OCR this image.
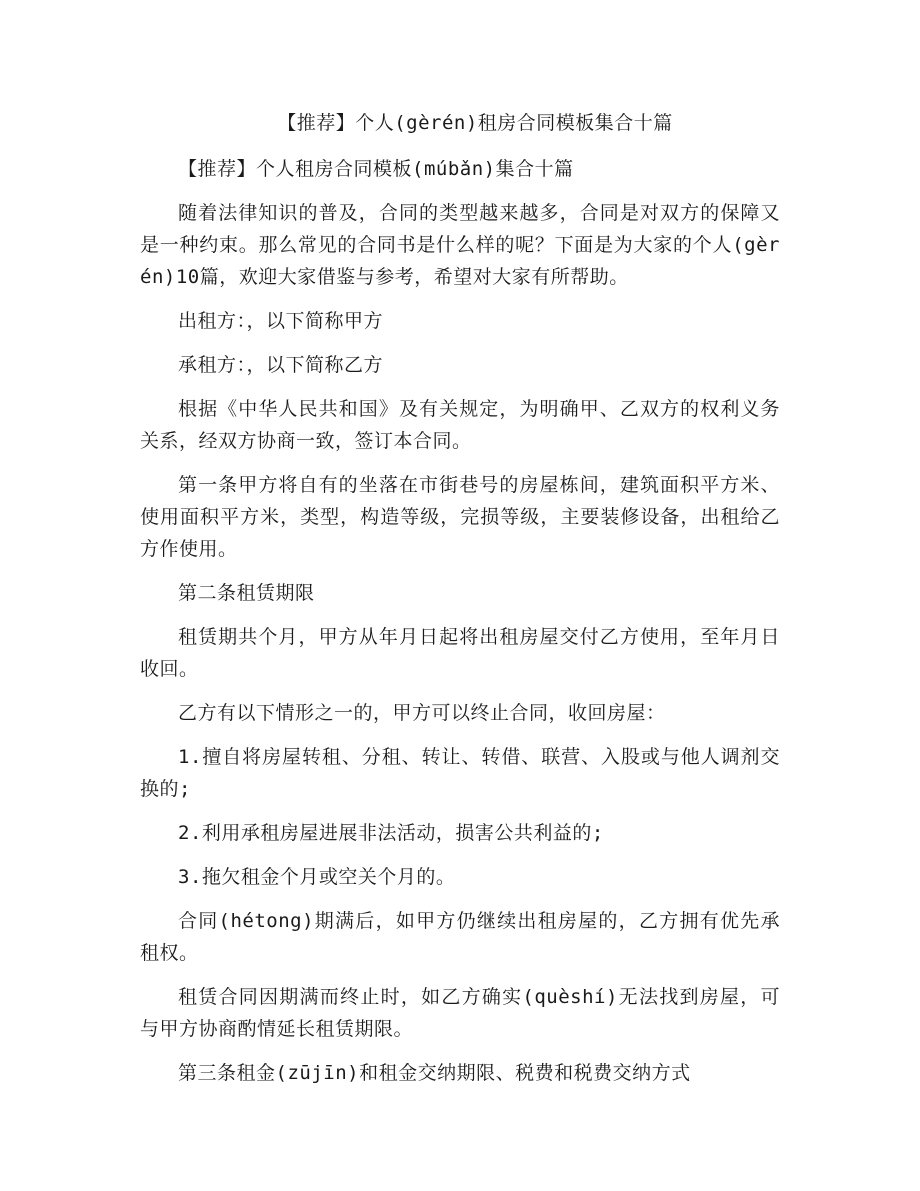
【推荐】个人(gèrén)租房合同模板集合十篇

【推荐】个人租房合同模板(múbǎn)集合十篇

随着法律知识的普及，合同的类型越来越多，合同是对双方的保障又是一种约束。那么常见的合同书是什么样的呢？下面是为大家的个人(gèrén)10篇，欢迎大家借鉴与参考，希望对大家有所帮助。

出租方：，以下简称甲方

承租方：，以下简称乙方

根据《中华人民共和国》及有关规定，为明确甲、乙双方的权利义务关系，经双方协商一致，签订本合同。

第一条甲方将自有的坐落在市街巷号的房屋栋间，建筑面积平方米、使用面积平方米，类型，构造等级，完损等级，主要装修设备，出租给乙方作使用。

第二条租赁期限

租赁期共个月，甲方从年月日起将出租房屋交付乙方使用，至年月日收回。

乙方有以下情形之一的，甲方可以终止合同，收回房屋：

1.擅自将房屋转租、分租、转让、转借、联营、入股或与他人调剂交换的;

2.利用承租房屋进展非法活动，损害公共利益的;

3.拖欠租金个月或空关个月的。

合同(hétong)期满后，如甲方仍继续出租房屋的，乙方拥有优先承租权。

租赁合同因期满而终止时，如乙方确实(quèshí)无法找到房屋，可与甲方协商酌情延长租赁期限。

第三条租金(zūjīn)和租金交纳期限、税费和税费交纳方式
